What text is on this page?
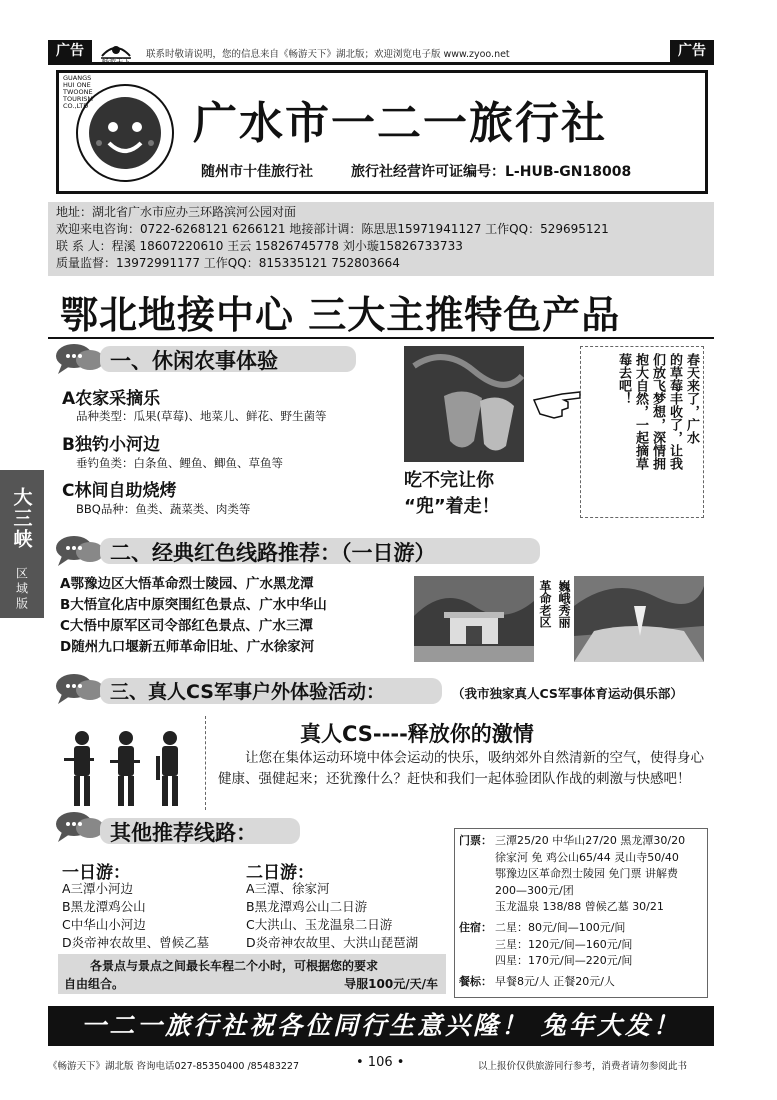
广告	广告
联系时敬请说明，您的信息来自《畅游天下》湖北版；欢迎浏览电子版 www.zyoo.net
GUANGSHUI ONETWOONE TOURISM CO.,LTD 广水市一二一旅行社
随州市十佳旅行社	旅行社经营许可证编号：L-HUB-GN18008
地址：湖北省广水市应办三环路滨河公园对面
欢迎来电咨询：0722-6268121 6266121 地接部计调：陈思思15971941127 工作QQ：529695121
联 系 人：程溪 18607220610 王云 15826745778 刘小璇15826733733
质量监督：13972991177 工作QQ：815335121 752803664
鄂北地接中心 三大主推特色产品
大三峡
区域版
一、休闲农事体验
A农家采摘乐
品种类型：瓜果(草莓)、地菜儿、鲜花、野生菌等
B独钓小河边
垂钓鱼类：白条鱼、鲤鱼、鲫鱼、草鱼等
C林间自助烧烤
BBQ品种：鱼类、蔬菜类、肉类等
春天来了，广水
的草莓丰收了，让我
们放飞梦想，深情拥
抱大自然，一起摘草
莓去吧！
吃不完让你
“兜”着走！
二、经典红色线路推荐：（一日游）
A鄂豫边区大悟革命烈士陵园、广水黑龙潭
B大悟宣化店中原突围红色景点、广水中华山
C大悟中原军区司令部红色景点、广水三潭
D随州九口堰新五师革命旧址、广水徐家河
革命老区 巍峨秀丽
三、真人CS军事户外体验活动：	（我市独家真人CS军事体育运动俱乐部）
真人CS----释放你的激情
让您在集体运动环境中体会运动的快乐，吸纳郊外自然清新的空气，使得身心健康、强健起来；还犹豫什么？赶快和我们一起体验团队作战的刺激与快感吧！
其他推荐线路：
一日游：
A三潭小河边
B黑龙潭鸡公山
C中华山小河边
D炎帝神农故里、曾候乙墓
二日游：
A三潭、徐家河
B黑龙潭鸡公山二日游
C大洪山、玉龙温泉二日游
D炎帝神农故里、大洪山琵琶湖
各景点与景点之间最长车程二个小时，可根据您的要求
自由组合。	导服100元/天/车
门票： 三潭25/20 中华山27/20 黑龙潭30/20
徐家河 免 鸡公山65/44 灵山寺50/40
鄂豫边区革命烈士陵园 免门票 讲解费
200—300元/团
玉龙温泉 138/88 曾候乙墓 30/21
住宿： 二星：80元/间—100元/间
三星：120元/间—160元/间
四星：170元/间—220元/间
餐标： 早餐8元/人 正餐20元/人
一二一旅行社祝各位同行生意兴隆！ 兔年大发！
《畅游天下》湖北版 咨询电话027-85350400 /85483227	• 106 •	以上报价仅供旅游同行参考，消费者请勿参阅此书
